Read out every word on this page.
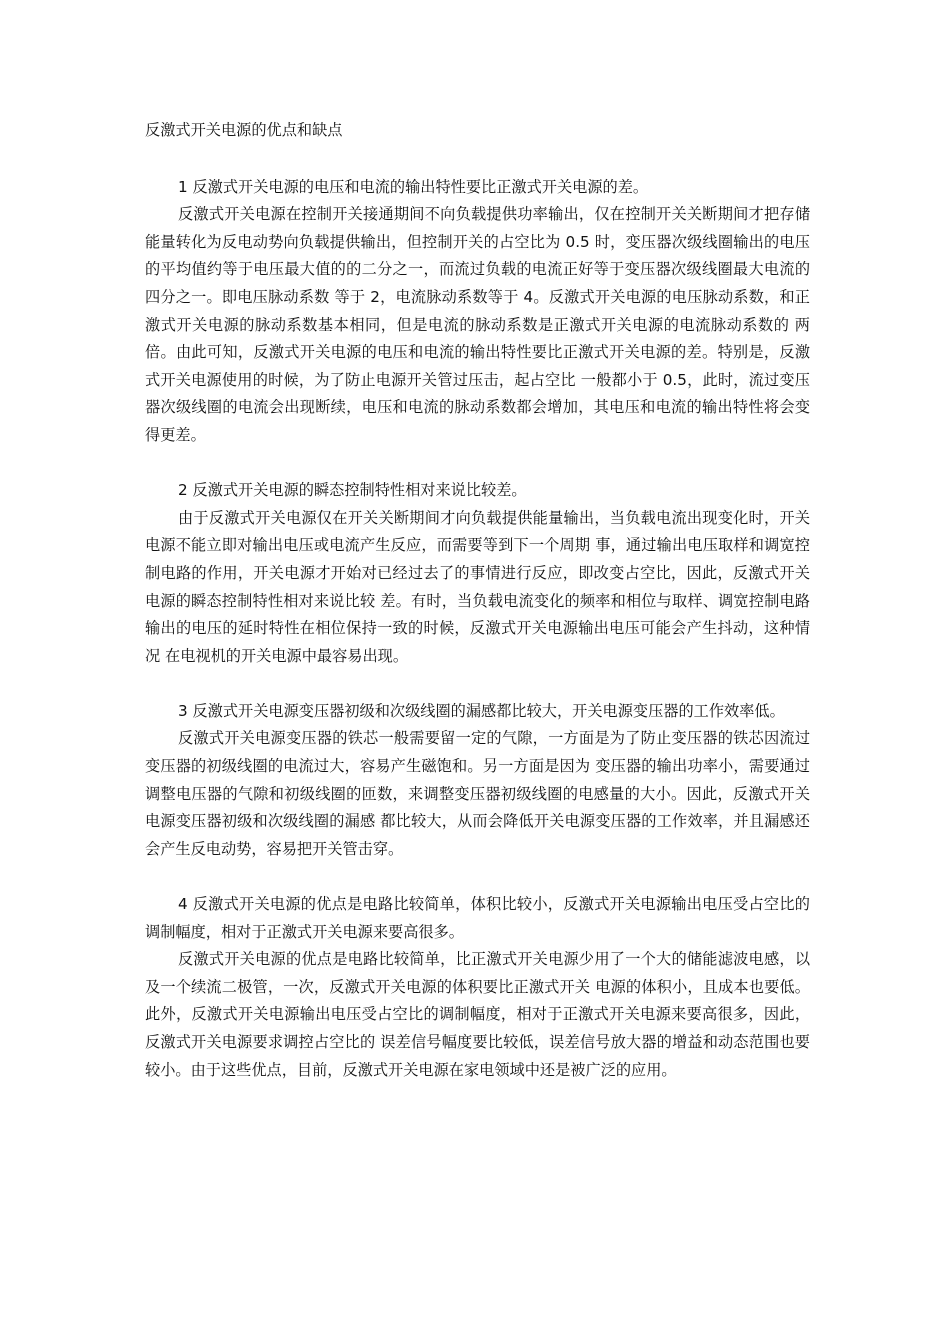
反激式开关电源的优点和缺点
1 反激式开关电源的电压和电流的输出特性要比正激式开关电源的差。

反激式开关电源在控制开关接通期间不向负载提供功率输出，仅在控制开关关断期间才把存储能量转化为反电动势向负载提供输出，但控制开关的占空比为 0.5 时，变压器次级线圈输出的电压的平均值约等于电压最大值的的二分之一，而流过负载的电流正好等于变压器次级线圈最大电流的四分之一。即电压脉动系数 等于 2，电流脉动系数等于 4。反激式开关电源的电压脉动系数，和正激式开关电源的脉动系数基本相同，但是电流的脉动系数是正激式开关电源的电流脉动系数的 两倍。由此可知，反激式开关电源的电压和电流的输出特性要比正激式开关电源的差。特别是，反激式开关电源使用的时候，为了防止电源开关管过压击，起占空比 一般都小于 0.5，此时，流过变压器次级线圈的电流会出现断续，电压和电流的脉动系数都会增加，其电压和电流的输出特性将会变得更差。

2 反激式开关电源的瞬态控制特性相对来说比较差。

由于反激式开关电源仅在开关关断期间才向负载提供能量输出，当负载电流出现变化时，开关电源不能立即对输出电压或电流产生反应，而需要等到下一个周期 事，通过输出电压取样和调宽控制电路的作用，开关电源才开始对已经过去了的事情进行反应，即改变占空比，因此，反激式开关电源的瞬态控制特性相对来说比较 差。有时，当负载电流变化的频率和相位与取样、调宽控制电路输出的电压的延时特性在相位保持一致的时候，反激式开关电源输出电压可能会产生抖动，这种情况 在电视机的开关电源中最容易出现。

3 反激式开关电源变压器初级和次级线圈的漏感都比较大，开关电源变压器的工作效率低。

反激式开关电源变压器的铁芯一般需要留一定的气隙，一方面是为了防止变压器的铁芯因流过变压器的初级线圈的电流过大，容易产生磁饱和。另一方面是因为 变压器的输出功率小，需要通过调整电压器的气隙和初级线圈的匝数，来调整变压器初级线圈的电感量的大小。因此，反激式开关电源变压器初级和次级线圈的漏感 都比较大，从而会降低开关电源变压器的工作效率，并且漏感还会产生反电动势，容易把开关管击穿。

4 反激式开关电源的优点是电路比较简单，体积比较小，反激式开关电源输出电压受占空比的调制幅度，相对于正激式开关电源来要高很多。

反激式开关电源的优点是电路比较简单，比正激式开关电源少用了一个大的储能滤波电感，以及一个续流二极管，一次，反激式开关电源的体积要比正激式开关 电源的体积小，且成本也要低。此外，反激式开关电源输出电压受占空比的调制幅度，相对于正激式开关电源来要高很多，因此，反激式开关电源要求调控占空比的 误差信号幅度要比较低，误差信号放大器的增益和动态范围也要较小。由于这些优点，目前，反激式开关电源在家电领域中还是被广泛的应用。
